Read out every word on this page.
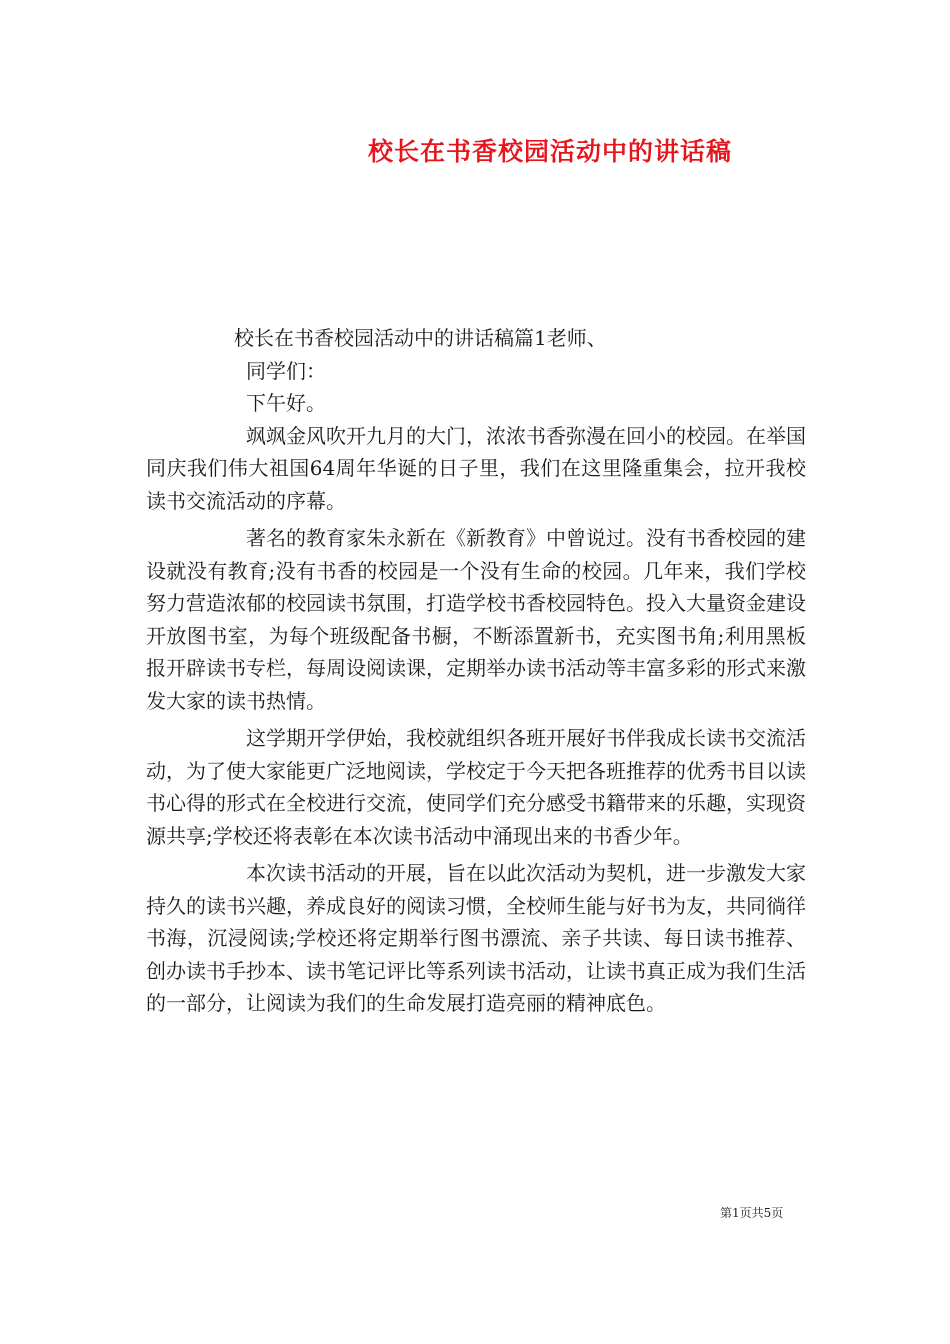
校长在书香校园活动中的讲话稿

校长在书香校园活动中的讲话稿篇1老师、

同学们：

下午好。

飒飒金风吹开九月的大门，浓浓书香弥漫在回小的校园。在举国同庆我们伟大祖国64周年华诞的日子里，我们在这里隆重集会，拉开我校读书交流活动的序幕。

著名的教育家朱永新在《新教育》中曾说过。没有书香校园的建设就没有教育;没有书香的校园是一个没有生命的校园。几年来，我们学校努力营造浓郁的校园读书氛围，打造学校书香校园特色。投入大量资金建设开放图书室，为每个班级配备书橱，不断添置新书，充实图书角;利用黑板报开辟读书专栏，每周设阅读课，定期举办读书活动等丰富多彩的形式来激发大家的读书热情。

这学期开学伊始，我校就组织各班开展好书伴我成长读书交流活动，为了使大家能更广泛地阅读，学校定于今天把各班推荐的优秀书目以读书心得的形式在全校进行交流，使同学们充分感受书籍带来的乐趣，实现资源共享;学校还将表彰在本次读书活动中涌现出来的书香少年。

本次读书活动的开展，旨在以此次活动为契机，进一步激发大家持久的读书兴趣，养成良好的阅读习惯，全校师生能与好书为友，共同徜徉书海，沉浸阅读;学校还将定期举行图书漂流、亲子共读、每日读书推荐、创办读书手抄本、读书笔记评比等系列读书活动，让读书真正成为我们生活的一部分，让阅读为我们的生命发展打造亮丽的精神底色。

第1页共5页
